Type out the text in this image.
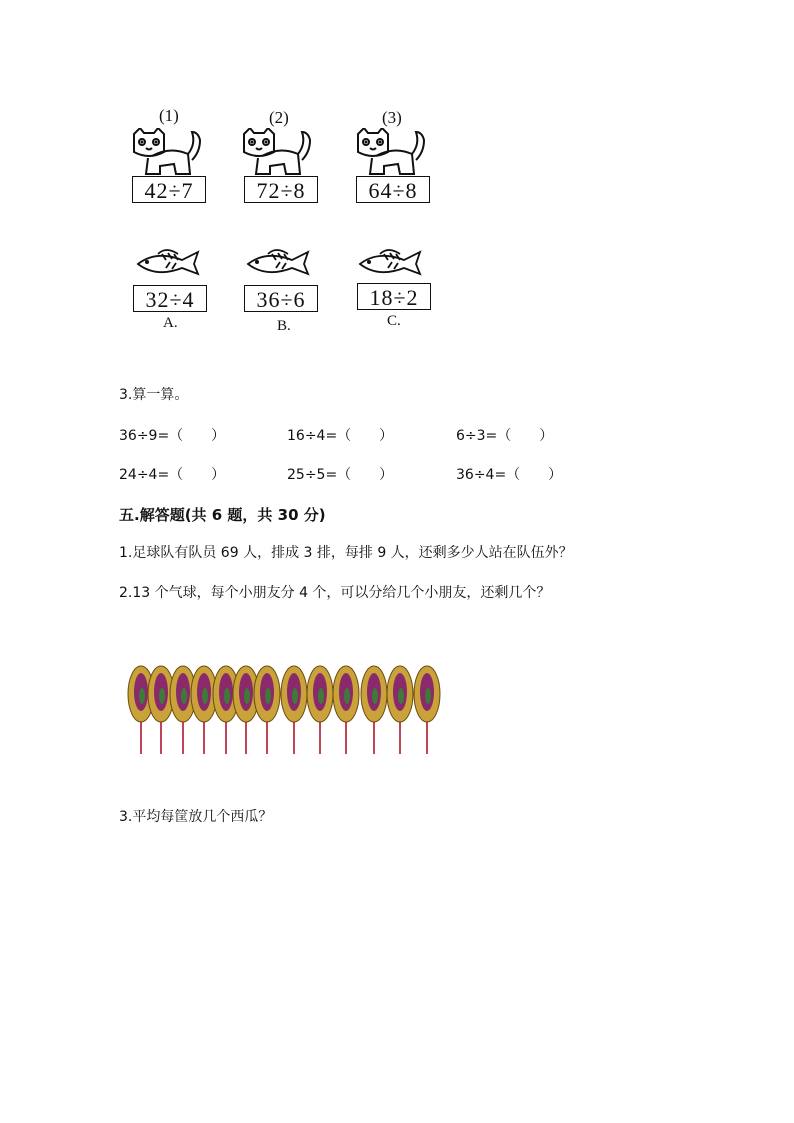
(1)	(2)	(3)
42÷7	72÷8	64÷8
32÷4	36÷6	18÷2
A.	B.	C.
3.算一算。
36÷9=（　　）	16÷4=（　　）	6÷3=（　　）
24÷4=（　　）	25÷5=（　　）	36÷4=（　　）
五.解答题(共 6 题，共 30 分)
1.足球队有队员 69 人，排成 3 排，每排 9 人，还剩多少人站在队伍外？
2.13 个气球，每个小朋友分 4 个，可以分给几个小朋友，还剩几个？
3.平均每筐放几个西瓜？
